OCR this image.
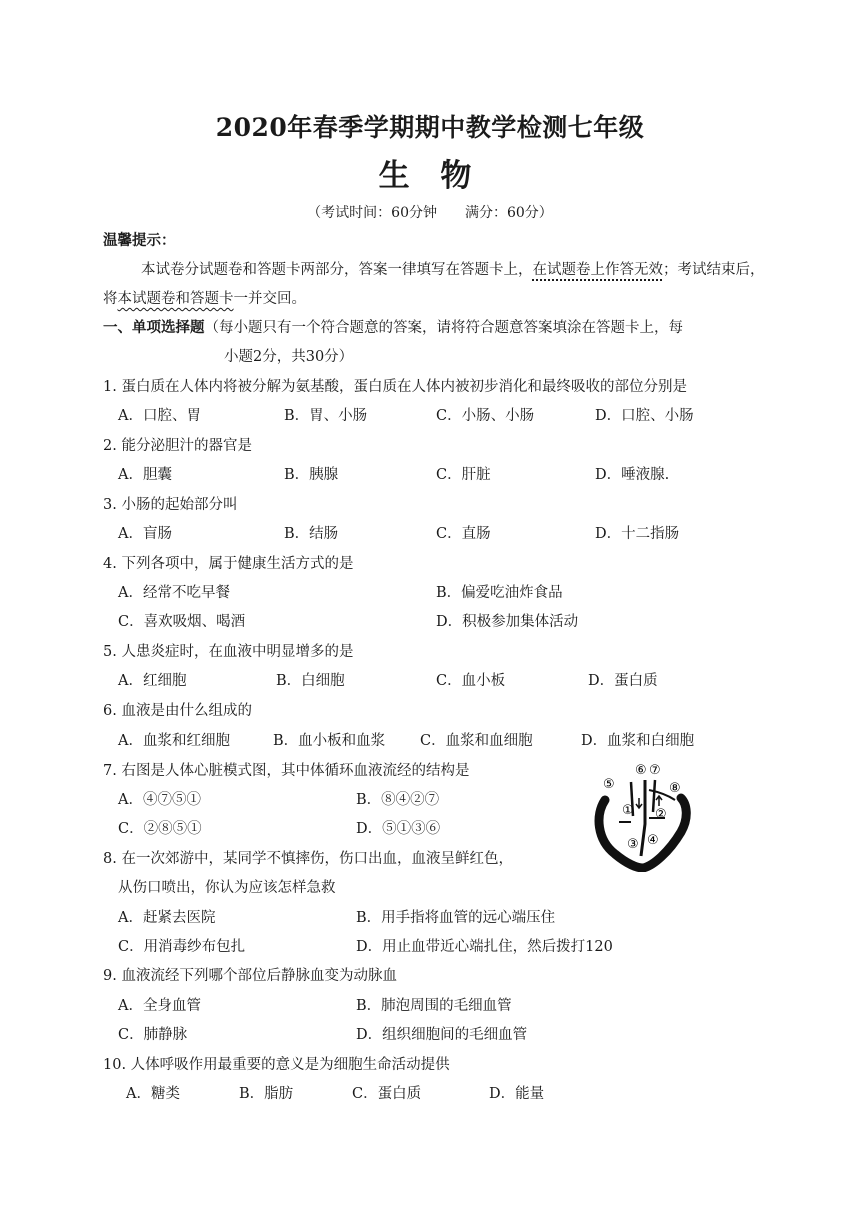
2020年春季学期期中教学检测七年级
生 物
（考试时间：60分钟　　满分：60分）
温馨提示：
本试卷分试题卷和答题卡两部分，答案一律填写在答题卡上，在试题卷上作答无效；考试结束后，
将本试题卷和答题卡一并交回。
一、单项选择题（每小题只有一个符合题意的答案，请将符合题意答案填涂在答题卡上，每
小题2分，共30分）
1. 蛋白质在人体内将被分解为氨基酸，蛋白质在人体内被初步消化和最终吸收的部位分别是
A．口腔、胃	B．胃、小肠	C．小肠、小肠	D．口腔、小肠
2. 能分泌胆汁的器官是
A．胆囊	B．胰腺	C．肝脏	D．唾液腺.
3. 小肠的起始部分叫
A．盲肠	B．结肠	C．直肠	D．十二指肠
4. 下列各项中，属于健康生活方式的是
A．经常不吃早餐	B．偏爱吃油炸食品
C．喜欢吸烟、喝酒	D．积极参加集体活动
5. 人患炎症时，在血液中明显增多的是
A．红细胞	B．白细胞	C．血小板	D．蛋白质
6. 血液是由什么组成的
A．血浆和红细胞	B．血小板和血浆 C．血浆和血细胞	D．血浆和白细胞
7. 右图是人体心脏模式图，其中体循环血液流经的结构是
A．④⑦⑤①	B．⑧④②⑦
C．②⑧⑤①	D．⑤①③⑥
⑤
①
⑥ ⑦
⑧
②
③ ④
8. 在一次郊游中，某同学不慎摔伤，伤口出血，血液呈鲜红色，
从伤口喷出，你认为应该怎样急救
A．赶紧去医院	B．用手指将血管的远心端压住
C．用消毒纱布包扎	D．用止血带近心端扎住，然后拨打120
9. 血液流经下列哪个部位后静脉血变为动脉血
A．全身血管	B．肺泡周围的毛细血管
C．肺静脉	D．组织细胞间的毛细血管
10. 人体呼吸作用最重要的意义是为细胞生命活动提供
A．糖类	B．脂肪	C．蛋白质	D．能量
